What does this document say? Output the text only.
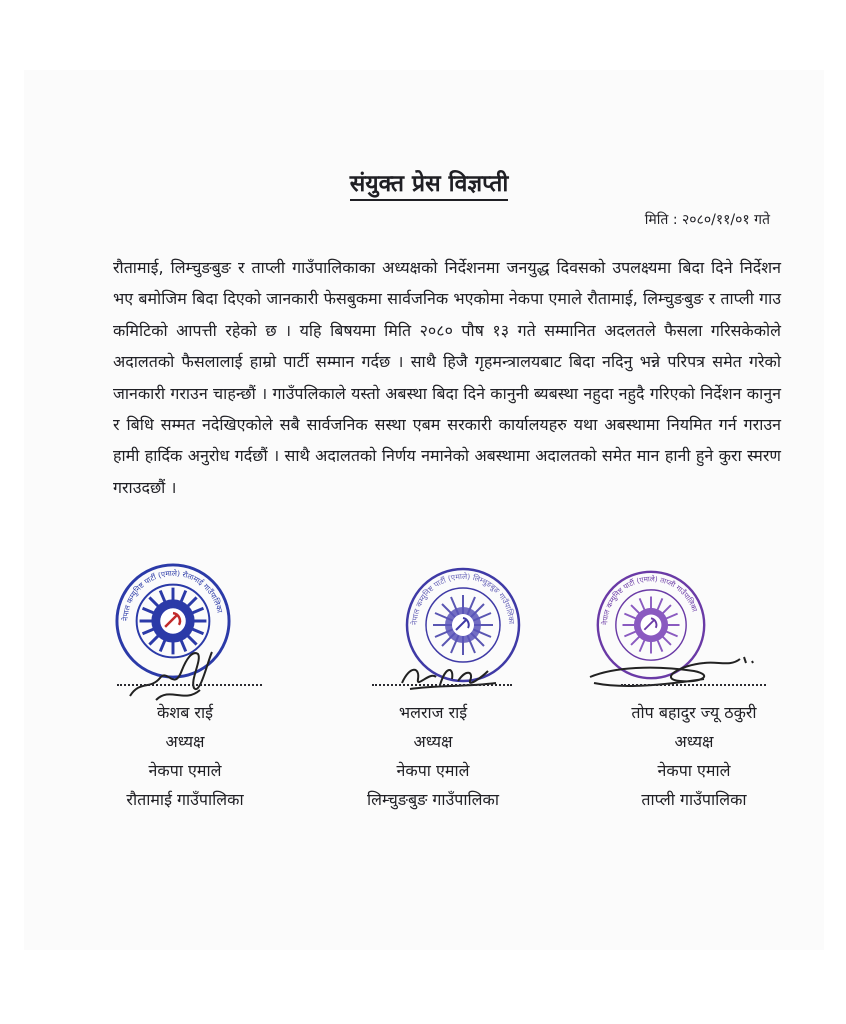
संयुक्त प्रेस विज्ञप्ती

मिति : २०८०/११/०१ गते

रौतामाई, लिम्चुङबुङ र ताप्ली गाउँपालिकाका अध्यक्षको निर्देशनमा जनयुद्ध दिवसको उपलक्ष्यमा बिदा दिने निर्देशन भए बमोजिम बिदा दिएको जानकारी फेसबुकमा सार्वजनिक भएकोमा नेकपा एमाले रौतामाई, लिम्चुङबुङ र ताप्ली गाउ कमिटिको आपत्ती रहेको छ । यहि बिषयमा मिति २०८० पौष १३ गते सम्मानित अदलतले फैसला गरिसकेकोले अदालतको फैसलालाई हाम्रो पार्टी सम्मान गर्दछ । साथै हिजै गृहमन्त्रालयबाट बिदा नदिनु भन्ने परिपत्र समेत गरेको जानकारी गराउन चाहन्छौं । गाउँपलिकाले यस्तो अबस्था बिदा दिने कानुनी ब्यबस्था नहुदा नहुदै गरिएको निर्देशन कानुन र बिधि सम्मत नदेखिएकोले सबै सार्वजनिक सस्था एबम सरकारी कार्यालयहरु यथा अबस्थामा नियमित गर्न गराउन हामी हार्दिक अनुरोध गर्दछौं । साथै अदालतको निर्णय नमानेको अबस्थामा अदालतको समेत मान हानी हुने कुरा स्मरण गराउदछौं ।

नेपाल कम्युनिष्ट पार्टी (एमाले) रौतामाई गाउँपालिका
नेपाल कम्युनिष्ट पार्टी (एमाले) लिम्चुङबुङ गाउँपालिका	नेपाल कम्युनिष्ट पार्टी (एमाले) ताप्ली गाउँपालिका
केशब राई
अध्यक्ष
नेकपा एमाले
रौतामाई गाउँपालिका
भलराज राई
अध्यक्ष
नेकपा एमाले
लिम्चुङबुङ गाउँपालिका
तोप बहादुर ज्यू ठकुरी
अध्यक्ष
नेकपा एमाले
ताप्ली गाउँपालिका
